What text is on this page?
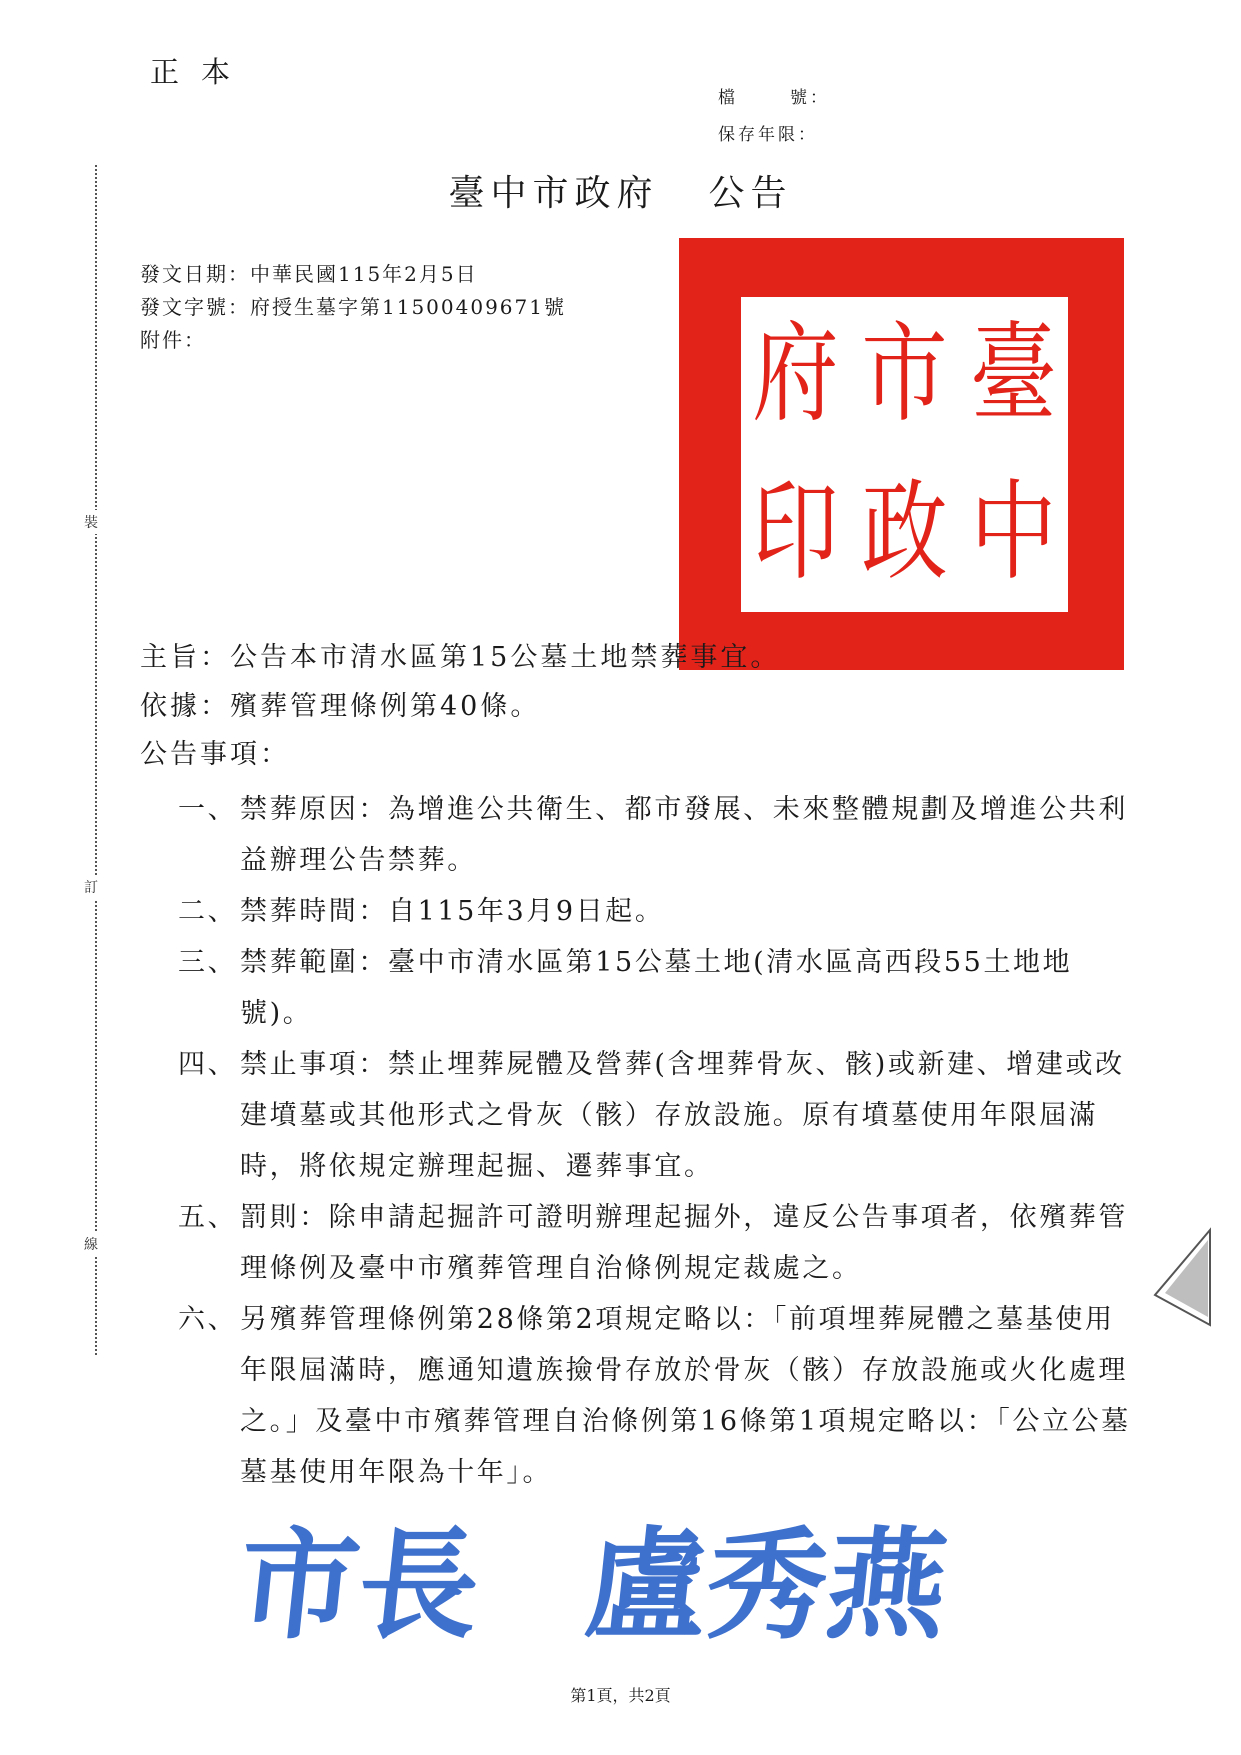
正本
檔	號：
保存年限：
臺中市政府 公告
發文日期：中華民國115年2月5日
發文字號：府授生墓字第11500409671號
附件：
裝
訂
線
臺
市
府
中
政
印
主旨：公告本市清水區第15公墓土地禁葬事宜。
依據：殯葬管理條例第40條。
公告事項：
一、 禁葬原因：為增進公共衛生、都市發展、未來整體規劃及增進公共利益辦理公告禁葬。
二、 禁葬時間：自115年3月9日起。
三、 禁葬範圍：臺中市清水區第15公墓土地(清水區高西段55土地地號)。
四、 禁止事項：禁止埋葬屍體及營葬(含埋葬骨灰、骸)或新建、增建或改建墳墓或其他形式之骨灰（骸）存放設施。原有墳墓使用年限屆滿時，將依規定辦理起掘、遷葬事宜。
五、 罰則：除申請起掘許可證明辦理起掘外，違反公告事項者，依殯葬管理條例及臺中市殯葬管理自治條例規定裁處之。
六、 另殯葬管理條例第28條第2項規定略以：「前項埋葬屍體之墓基使用年限屆滿時，應通知遺族撿骨存放於骨灰（骸）存放設施或火化處理之。」及臺中市殯葬管理自治條例第16條第1項規定略以：「公立公墓墓基使用年限為十年」。
市長 盧秀燕
第1頁，共2頁
